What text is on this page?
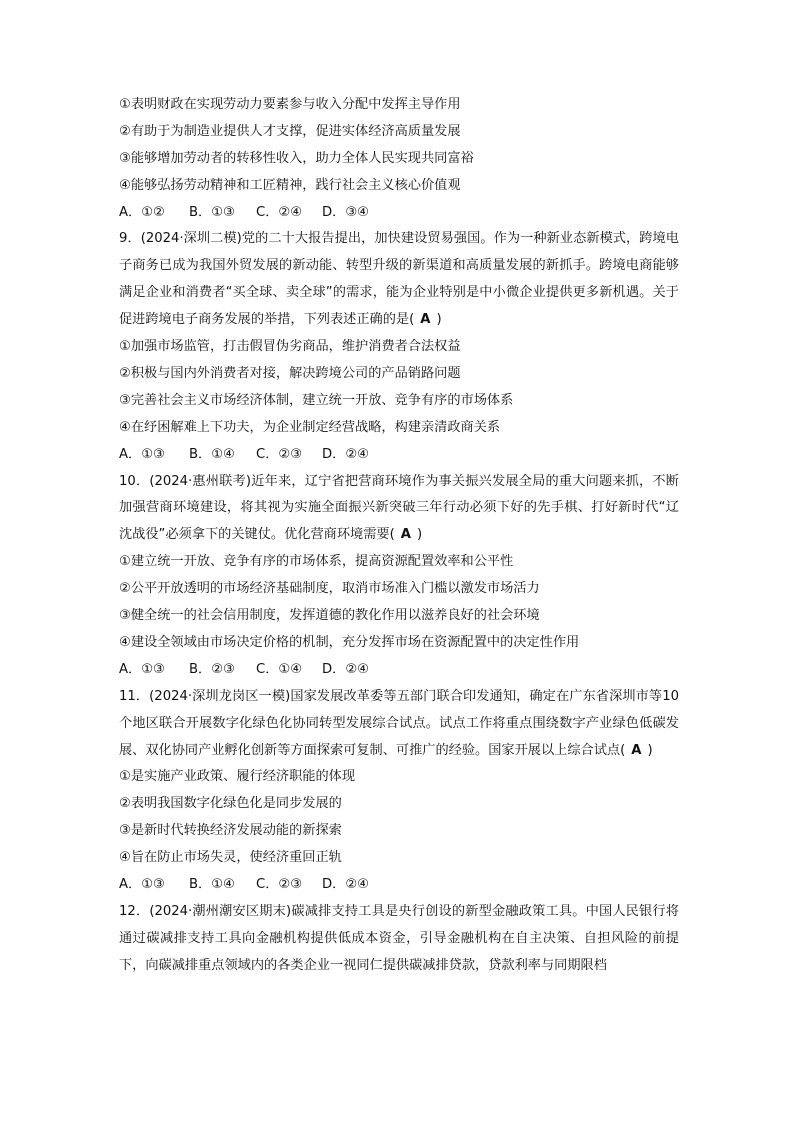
①表明财政在实现劳动力要素参与收入分配中发挥主导作用
②有助于为制造业提供人才支撑，促进实体经济高质量发展
③能够增加劳动者的转移性收入，助力全体人民实现共同富裕
④能够弘扬劳动精神和工匠精神，践行社会主义核心价值观
A．①② B．①③ C．②④ D．③④
9．(2024·深圳二模)党的二十大报告提出，加快建设贸易强国。作为一种新业态新模式，跨境电子商务已成为我国外贸发展的新动能、转型升级的新渠道和高质量发展的新抓手。跨境电商能够满足企业和消费者“买全球、卖全球”的需求，能为企业特别是中小微企业提供更多新机遇。关于促进跨境电子商务发展的举措，下列表述正确的是( A )
①加强市场监管，打击假冒伪劣商品，维护消费者合法权益
②积极与国内外消费者对接，解决跨境公司的产品销路问题
③完善社会主义市场经济体制，建立统一开放、竞争有序的市场体系
④在纾困解难上下功夫，为企业制定经营战略，构建亲清政商关系
A．①③ B．①④ C．②③ D．②④
10．(2024·惠州联考)近年来，辽宁省把营商环境作为事关振兴发展全局的重大问题来抓，不断加强营商环境建设，将其视为实施全面振兴新突破三年行动必须下好的先手棋、打好新时代“辽沈战役”必须拿下的关键仗。优化营商环境需要( A )
①建立统一开放、竞争有序的市场体系，提高资源配置效率和公平性
②公平开放透明的市场经济基础制度，取消市场准入门槛以激发市场活力
③健全统一的社会信用制度，发挥道德的教化作用以滋养良好的社会环境
④建设全领域由市场决定价格的机制，充分发挥市场在资源配置中的决定性作用
A．①③ B．②③ C．①④ D．②④
11．(2024·深圳龙岗区一模)国家发展改革委等五部门联合印发通知，确定在广东省深圳市等10个地区联合开展数字化绿色化协同转型发展综合试点。试点工作将重点围绕数字产业绿色低碳发展、双化协同产业孵化创新等方面探索可复制、可推广的经验。国家开展以上综合试点( A )
①是实施产业政策、履行经济职能的体现
②表明我国数字化绿色化是同步发展的
③是新时代转换经济发展动能的新探索
④旨在防止市场失灵，使经济重回正轨
A．①③ B．①④ C．②③ D．②④
12．(2024·潮州潮安区期末)碳减排支持工具是央行创设的新型金融政策工具。中国人民银行将通过碳减排支持工具向金融机构提供低成本资金，引导金融机构在自主决策、自担风险的前提下，向碳减排重点领域内的各类企业一视同仁提供碳减排贷款，贷款利率与同期限档
